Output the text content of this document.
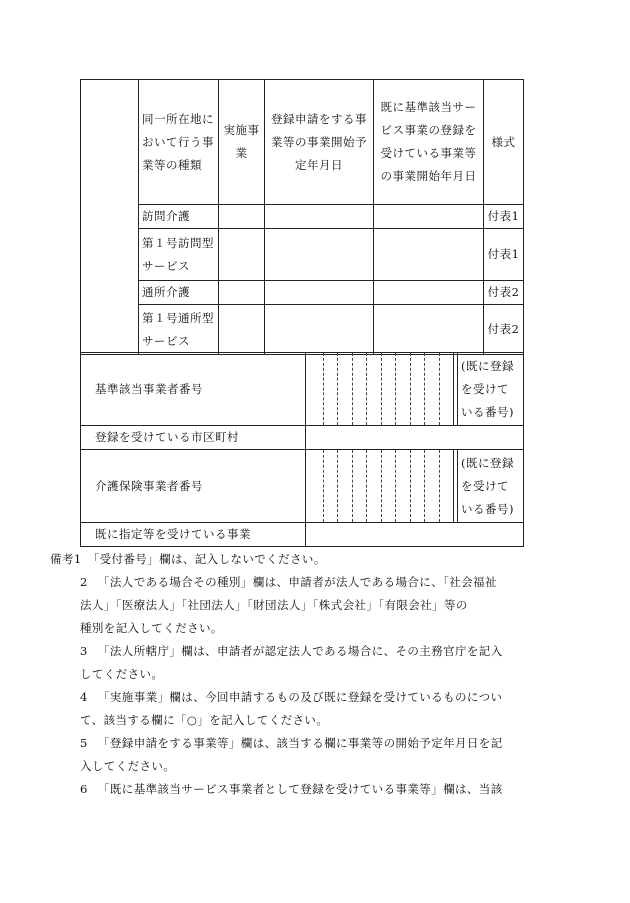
	同一所在地において行う事業等の種類	実施事業	登録申請をする事業等の事業開始予定年月日	既に基準該当サービス事業の登録を受けている事業等の事業開始年月日	様式
	訪問介護				付表1
	第１号訪問型サービス				付表1
	通所介護				付表2
	第１号通所型サービス				付表2
基準該当事業者番号		(既に登録を受けている番号)
登録を受けている市区町村		
介護保険事業者番号		(既に登録を受けている番号)
既に指定等を受けている事業		
備考1　 「受付番号」欄は、記入しないでください。
2 「法人である場合その種別」欄は、申請者が法人である場合に、「社会福祉
法人」「医療法人」「社団法人」「財団法人」「株式会社」「有限会社」等の
種別を記入してください。
3 「法人所轄庁」欄は、申請者が認定法人である場合に、その主務官庁を記入
してください。
4 「実施事業」欄は、今回申請するもの及び既に登録を受けているものについ
て、該当する欄に「○」を記入してください。
5 「登録申請をする事業等」欄は、該当する欄に事業等の開始予定年月日を記
入してください。
6 「既に基準該当サービス事業者として登録を受けている事業等」欄は、当該
